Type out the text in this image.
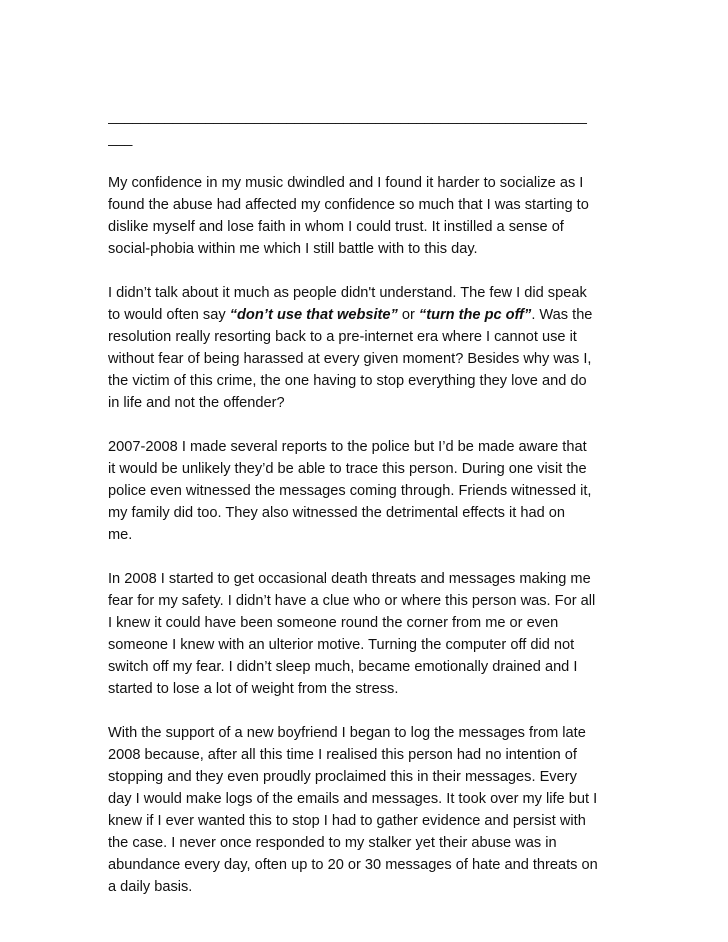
___________________________________________________________
___
My confidence in my music dwindled and I found it harder to socialize as I
found the abuse had affected my confidence so much that I was starting to
dislike myself and lose faith in whom I could trust. It instilled a sense of
social-phobia within me which I still battle with to this day.
I didn’t talk about it much as people didn't understand. The few I did speak
to would often say “don’t use that website” or “turn the pc off”. Was the
resolution really resorting back to a pre-internet era where I cannot use it
without fear of being harassed at every given moment? Besides why was I,
the victim of this crime, the one having to stop everything they love and do
in life and not the offender?
2007-2008 I made several reports to the police but I’d be made aware that
it would be unlikely they’d be able to trace this person. During one visit the
police even witnessed the messages coming through. Friends witnessed it,
my family did too. They also witnessed the detrimental effects it had on
me.
In 2008 I started to get occasional death threats and messages making me
fear for my safety. I didn’t have a clue who or where this person was. For all
I knew it could have been someone round the corner from me or even
someone I knew with an ulterior motive. Turning the computer off did not
switch off my fear. I didn’t sleep much, became emotionally drained and I
started to lose a lot of weight from the stress.
With the support of a new boyfriend I began to log the messages from late
2008 because, after all this time I realised this person had no intention of
stopping and they even proudly proclaimed this in their messages. Every
day I would make logs of the emails and messages. It took over my life but I
knew if I ever wanted this to stop I had to gather evidence and persist with
the case. I never once responded to my stalker yet their abuse was in
abundance every day, often up to 20 or 30 messages of hate and threats on
a daily basis.
